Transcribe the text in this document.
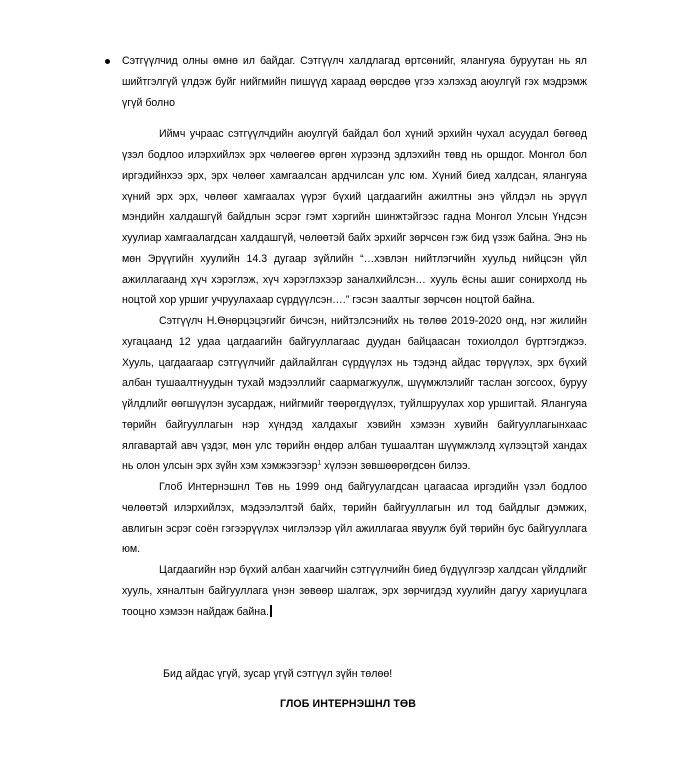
Сэтгүүлчид олны өмнө ил байдаг. Сэтгүүлч халдлагад өртсөнийг, ялангуяа буруутан нь ял шийтгэлгүй үлдэж буйг нийгмийн пишүүд хараад өөрсдөө үгээ хэлэхэд аюулгүй гэх мэдрэмж үгүй болно

Иймч учраас сэтгүүлчдийн аюулгүй байдал бол хүний эрхийн чухал асуудал бөгөөд үзэл бодлоо илэрхийлэх эрх чөлөөгөө өргөн хүрээнд эдлэхийн төвд нь оршдог. Монгол бол иргэдийнхээ эрх, эрх чөлөөг хамгаалсан ардчилсан улс юм. Хүний биед халдсан, ялангуяа хүний эрх эрх, чөлөөг хамгаалах үүрэг бүхий цагдаагийн ажилтны энэ үйлдэл нь эрүүл мэндийн халдашгүй байдлын эсрэг гэмт хэргийн шинжтэйгээс гадна Монгол Улсын Үндсэн хуулиар хамгаалагдсан халдашгүй, чөлөөтэй байх эрхийг зөрчсөн гэж бид үзэж байна. Энэ нь мөн Эрүүгийн хуулийн 14.3 дугаар зүйлийн “…хэвлэн нийтлэгчийн хуульд нийцсэн үйл ажиллагаанд хүч хэрэглэж, хүч хэрэглэхээр заналхийлсэн… хууль ёсны ашиг сонирхолд нь ноцтой хор уршиг учруулахаар сүрдүүлсэн….” гэсэн заалтыг зөрчсөн ноцтой байна.

Сэтгүүлч Н.Өнөрцэцэгийг бичсэн, нийтэлсэнийх нь төлөө 2019-2020 онд, нэг жилийн хугацаанд 12 удаа цагдаагийн байгууллагаас дуудан байцаасан тохиолдол бүртгэгджээ. Хууль, цагдаагаар сэтгүүлчийг дайлайлган сүрдүүлэх нь тэдэнд айдас төрүүлэх, эрх бүхий албан тушаалтнуудын тухай мэдээллийг саармагжуулж, шүүмжлэлийг таслан зогсоох, буруу үйлдлийг өөгшүүлэн зусардаж, нийгмийг төөрөгдүүлэх, туйлшруулах хор уршигтай. Ялангуяа төрийн байгууллагын нэр хүндэд халдахыг хэвийн хэмээн хувийн байгууллагынхаас ялгавартай авч үздэг, мөн улс төрийн өндөр албан тушаалтан шүүмжлэлд хүлээцтэй хандах нь олон улсын эрх зүйн хэм хэмжээгээр$^1$ хүлээн зөвшөөрөгдсөн билээ.

Глоб Интернэшнл Төв нь 1999 онд байгуулагдсан цагаасаа иргэдийн үзэл бодлоо чөлөөтэй илэрхийлэх, мэдээлэлтэй байх, төрийн байгууллагын ил тод байдлыг дэмжих, авлигын эсрэг соён гэгээрүүлэх чиглэлээр үйл ажиллагаа явуулж буй төрийн бус байгууллага юм.

Цагдаагийн нэр бүхий албан хаагчийн сэтгүүлчийн биед бүдүүлгээр халдсан үйлдлийг хууль, хяналтын байгууллага үнэн зөвөөр шалгаж, эрх зөрчигдэд хуулийн дагуу хариуцлага тооцно хэмээн найдаж байна.

Бид айдас үгүй, зусар үгүй сэтгүүл зүйн төлөө!
ГЛОБ ИНТЕРНЭШНЛ ТӨВ
